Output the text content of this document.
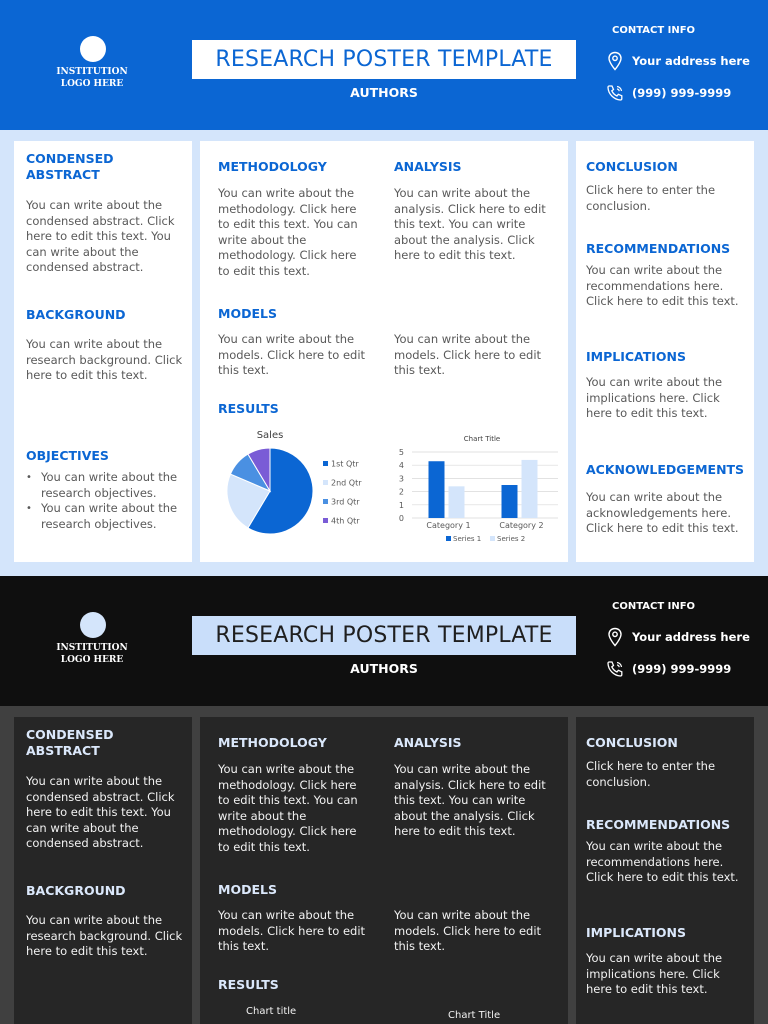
INSTITUTION
LOGO HERE
RESEARCH POSTER TEMPLATE
AUTHORS
CONTACT INFO
Your address here
(999) 999-9999
CONDENSED
ABSTRACT
You can write about the condensed abstract. Click here to edit this text. You can write about the condensed abstract.
BACKGROUND
You can write about the research background. Click here to edit this text.
OBJECTIVES
• You can write about the research objectives.
• You can write about the research objectives.
METHODOLOGY
You can write about the methodology. Click here to edit this text. You can write about the methodology. Click here to edit this text.
ANALYSIS
You can write about the analysis. Click here to edit this text. You can write about the analysis. Click here to edit this text.
MODELS
You can write about the models. Click here to edit this text.
You can write about the models. Click here to edit this text.
RESULTS
Sales
1st Qtr
2nd Qtr
3rd Qtr
4th Qtr
Chart Title
0
1
2
3
4
5
Category 1	Category 2
Series 1 Series 2
CONCLUSION
Click here to enter the conclusion.
RECOMMENDATIONS
You can write about the recommendations here. Click here to edit this text.
IMPLICATIONS
You can write about the implications here. Click here to edit this text.
ACKNOWLEDGEMENTS
You can write about the acknowledgements here. Click here to edit this text.
INSTITUTION
LOGO HERE
RESEARCH POSTER TEMPLATE
AUTHORS
CONTACT INFO
Your address here
(999) 999-9999
CONDENSED
ABSTRACT
You can write about the condensed abstract. Click here to edit this text. You can write about the condensed abstract.
BACKGROUND
You can write about the research background. Click here to edit this text.
METHODOLOGY
You can write about the methodology. Click here to edit this text. You can write about the methodology. Click here to edit this text.
ANALYSIS
You can write about the analysis. Click here to edit this text. You can write about the analysis. Click here to edit this text.
MODELS
You can write about the models. Click here to edit this text.
You can write about the models. Click here to edit this text.
RESULTS
Chart title	Chart Title
CONCLUSION
Click here to enter the conclusion.
RECOMMENDATIONS
You can write about the recommendations here. Click here to edit this text.
IMPLICATIONS
You can write about the implications here. Click here to edit this text.
